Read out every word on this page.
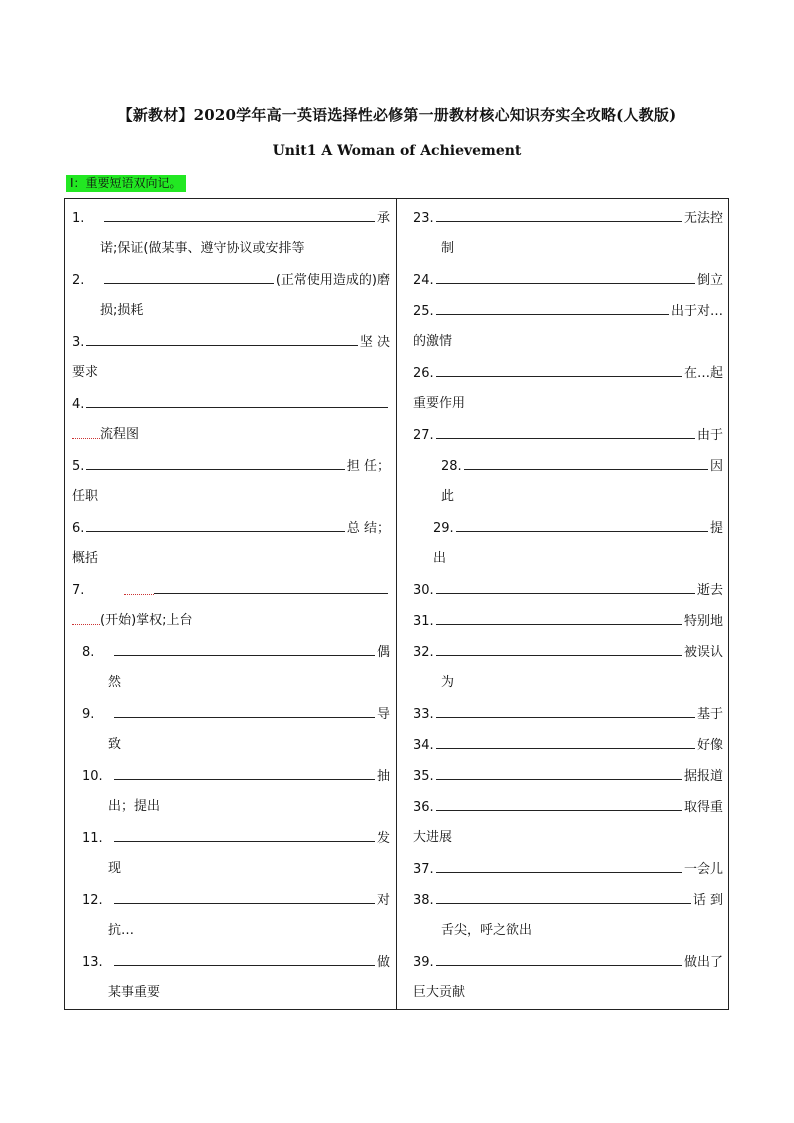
【新教材】2020学年高一英语选择性必修第一册教材核心知识夯实全攻略(人教版)
Unit1 A Woman of Achievement
I：重要短语双向记。
1.	承
诺;保证(做某事、遵守协议或安排等
2.	(正常使用造成的)磨
损;损耗
3.	坚 决
要求
4.
流程图
5.	担 任；
任职
6.	总 结；
概括
7.
(开始)掌权;上台
8.	偶
然
9.	导
致
10.	抽
出；提出
11.	发
现
12.	对
抗…
13.	做
某事重要
23.	无法控
制
24.	倒立
25.	出于对…
的激情
26.	在…起
重要作用
27.	由于
28.	因
此
29.	提
出
30.	逝去
31.	特别地
32.	被误认
为
33.	基于
34.	好像
35.	据报道
36.	取得重
大进展
37.	一会儿
38.	话 到
舌尖，呼之欲出
39.	做出了
巨大贡献
